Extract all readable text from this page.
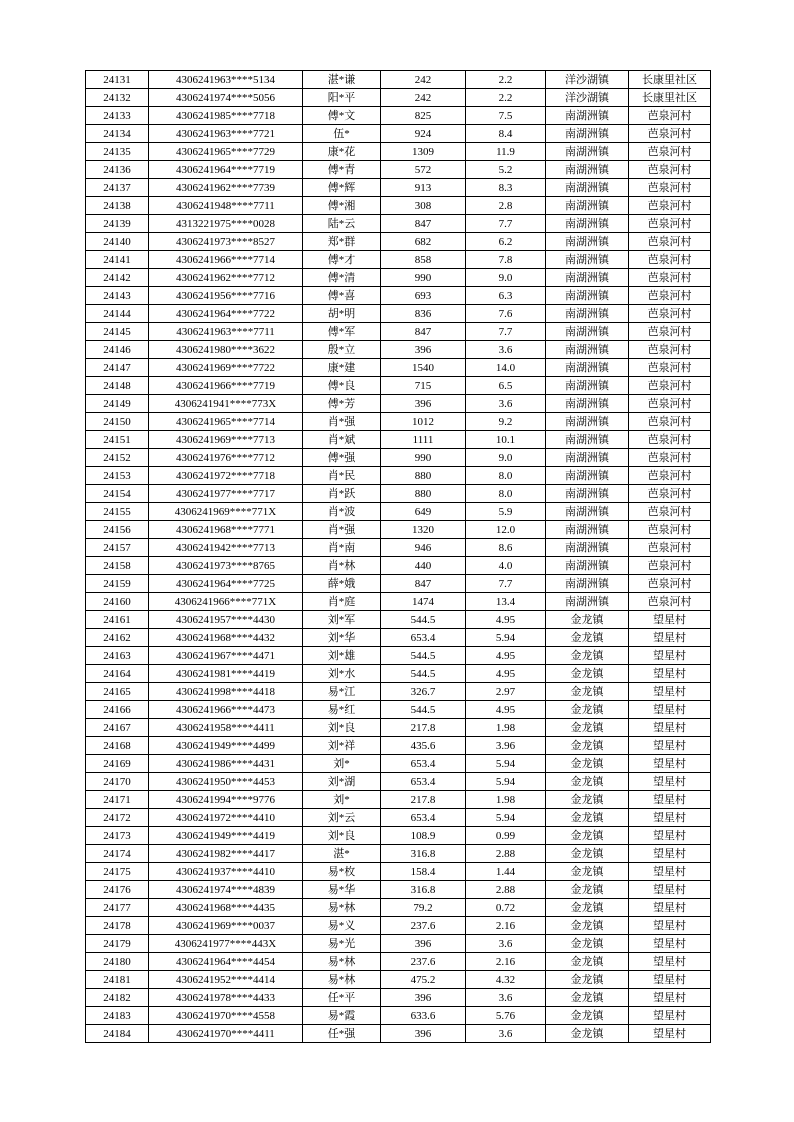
24131	4306241963****5134	湛*谦	242	2.2	洋沙湖镇	长康里社区
24132	4306241974****5056	阳*平	242	2.2	洋沙湖镇	长康里社区
24133	4306241985****7718	傅*文	825	7.5	南湖洲镇	芭泉河村
24134	4306241963****7721	伍*	924	8.4	南湖洲镇	芭泉河村
24135	4306241965****7729	康*花	1309	11.9	南湖洲镇	芭泉河村
24136	4306241964****7719	傅*青	572	5.2	南湖洲镇	芭泉河村
24137	4306241962****7739	傅*辉	913	8.3	南湖洲镇	芭泉河村
24138	4306241948****7711	傅*湘	308	2.8	南湖洲镇	芭泉河村
24139	4313221975****0028	陆*云	847	7.7	南湖洲镇	芭泉河村
24140	4306241973****8527	郑*群	682	6.2	南湖洲镇	芭泉河村
24141	4306241966****7714	傅*才	858	7.8	南湖洲镇	芭泉河村
24142	4306241962****7712	傅*清	990	9.0	南湖洲镇	芭泉河村
24143	4306241956****7716	傅*喜	693	6.3	南湖洲镇	芭泉河村
24144	4306241964****7722	胡*明	836	7.6	南湖洲镇	芭泉河村
24145	4306241963****7711	傅*军	847	7.7	南湖洲镇	芭泉河村
24146	4306241980****3622	殷*立	396	3.6	南湖洲镇	芭泉河村
24147	4306241969****7722	康*建	1540	14.0	南湖洲镇	芭泉河村
24148	4306241966****7719	傅*良	715	6.5	南湖洲镇	芭泉河村
24149	4306241941****773X	傅*芳	396	3.6	南湖洲镇	芭泉河村
24150	4306241965****7714	肖*强	1012	9.2	南湖洲镇	芭泉河村
24151	4306241969****7713	肖*斌	1111	10.1	南湖洲镇	芭泉河村
24152	4306241976****7712	傅*强	990	9.0	南湖洲镇	芭泉河村
24153	4306241972****7718	肖*民	880	8.0	南湖洲镇	芭泉河村
24154	4306241977****7717	肖*跃	880	8.0	南湖洲镇	芭泉河村
24155	4306241969****771X	肖*波	649	5.9	南湖洲镇	芭泉河村
24156	4306241968****7771	肖*强	1320	12.0	南湖洲镇	芭泉河村
24157	4306241942****7713	肖*南	946	8.6	南湖洲镇	芭泉河村
24158	4306241973****8765	肖*林	440	4.0	南湖洲镇	芭泉河村
24159	4306241964****7725	薛*娥	847	7.7	南湖洲镇	芭泉河村
24160	4306241966****771X	肖*庭	1474	13.4	南湖洲镇	芭泉河村
24161	4306241957****4430	刘*军	544.5	4.95	金龙镇	望星村
24162	4306241968****4432	刘*华	653.4	5.94	金龙镇	望星村
24163	4306241967****4471	刘*雄	544.5	4.95	金龙镇	望星村
24164	4306241981****4419	刘*水	544.5	4.95	金龙镇	望星村
24165	4306241998****4418	易*江	326.7	2.97	金龙镇	望星村
24166	4306241966****4473	易*红	544.5	4.95	金龙镇	望星村
24167	4306241958****4411	刘*良	217.8	1.98	金龙镇	望星村
24168	4306241949****4499	刘*祥	435.6	3.96	金龙镇	望星村
24169	4306241986****4431	刘*	653.4	5.94	金龙镇	望星村
24170	4306241950****4453	刘*湖	653.4	5.94	金龙镇	望星村
24171	4306241994****9776	刘*	217.8	1.98	金龙镇	望星村
24172	4306241972****4410	刘*云	653.4	5.94	金龙镇	望星村
24173	4306241949****4419	刘*良	108.9	0.99	金龙镇	望星村
24174	4306241982****4417	湛*	316.8	2.88	金龙镇	望星村
24175	4306241937****4410	易*枚	158.4	1.44	金龙镇	望星村
24176	4306241974****4839	易*华	316.8	2.88	金龙镇	望星村
24177	4306241968****4435	易*林	79.2	0.72	金龙镇	望星村
24178	4306241969****0037	易*义	237.6	2.16	金龙镇	望星村
24179	4306241977****443X	易*光	396	3.6	金龙镇	望星村
24180	4306241964****4454	易*林	237.6	2.16	金龙镇	望星村
24181	4306241952****4414	易*林	475.2	4.32	金龙镇	望星村
24182	4306241978****4433	任*平	396	3.6	金龙镇	望星村
24183	4306241970****4558	易*霞	633.6	5.76	金龙镇	望星村
24184	4306241970****4411	任*强	396	3.6	金龙镇	望星村
